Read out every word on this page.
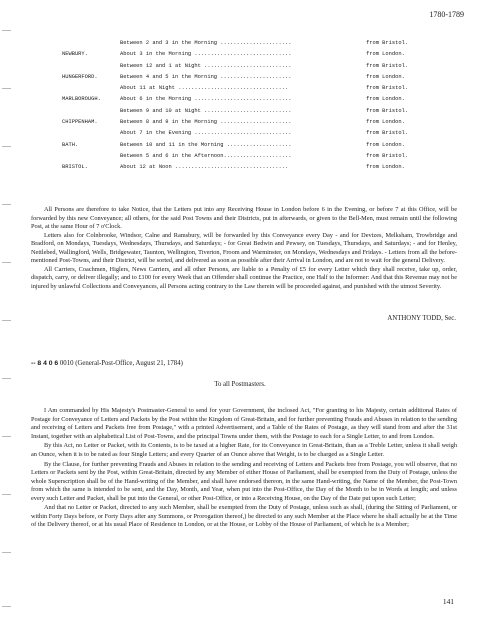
1780-1789
Between 2 and 3 in the Morning ......................	from Bristol.
NEWBURY.	About 3 in the Morning ..............................	from London.
Between 12 and 1 at Night ...........................	from Bristol.
HUNGERFORD.	Between 4 and 5 in the Morning ......................	from London.
About 11 at Night ..................................	from Bristol.
MARLBOROUGH.	About 6 in the Morning ..............................	from London.
Between 9 and 10 at Night ...........................	from Bristol.
CHIPPENHAM.	Between 8 and 9 in the Morning ......................	from London.
About 7 in the Evening ..............................	from Bristol.
BATH.	Between 10 and 11 in the Morning ....................	from London.
Between 5 and 6 in the Afternoon.....................	from Bristol.
BRISTOL.	About 12 at Noon ...................................	from London.

All Persons are therefore to take Notice, that the Letters put into any Receiving House in London before 6 in the Evening, or before 7 at this Office, will be forwarded by this new Conveyance; all others, for the said Post Towns and their Districts, put in afterwards, or given to the Bell-Men, must remain until the following Post, at the same Hour of 7 o'Clock.

Letters also for Colnbrooke, Windsor, Calne and Ramsbury, will be forwarded by this Conveyance every Day - and for Devizes, Melksham, Trowbridge and Bradford, on Mondays, Tuesdays, Wednesdays, Thursdays, and Saturdays; - for Great Bedwin and Pewsey, on Tuesdays, Thursdays, and Saturdays; - and for Henley, Nettlebed, Wallingford, Wells, Bridgewater, Taunton, Wellington, Tiverton, Froom and Warminster, on Mondays, Wednesdays and Fridays. - Letters from all the before-mentioned Post-Towns, and their District, will be sorted, and delivered as soon as possible after their Arrival in London, and are not to wait for the general Delivery.

All Carriers, Coachmen, Higlers, News Carriers, and all other Persons, are liable to a Penalty of £5 for every Letter which they shall receive, take up, order, dispatch, carry, or deliver illegally; and to £100 for every Week that an Offender shall continue the Practice, one Half to the Informer: And that this Revenue may not be injured by unlawful Collections and Conveyances, all Persons acting contrary to the Law therein will be proceeded against, and punished with the utmost Severity.

ANTHONY TODD, Sec.
-- 8 4 0 6 0010 (General-Post-Office, August 21, 1784)
To all Postmasters.

I Am commanded by His Majesty's Postmaster-General to send for your Government, the inclosed Act, "For granting to his Majesty, certain additional Rates of Postage for Conveyance of Letters and Packets by the Post within the Kingdom of Great-Britain, and for further preventing Frauds and Abuses in relation to the sending and receiving of Letters and Packets free from Postage," with a printed Advertisement, and a Table of the Rates of Postage, as they will stand from and after the 31st Instant, together with an alphabetical List of Post-Towns, and the principal Towns under them, with the Postage to each for a Single Letter, to and from London.

By this Act, no Letter or Packet, with its Contents, is to be taxed at a higher Rate, for its Conveyance in Great-Britain, than as a Treble Letter, unless it shall weigh an Ounce, when it is to be rated as four Single Letters; and every Quarter of an Ounce above that Weight, is to be charged as a Single Letter.

By the Clause, for further preventing Frauds and Abuses in relation to the sending and receiving of Letters and Packets free from Postage, you will observe, that no Letters or Packets sent by the Post, within Great-Britain, directed by any Member of either House of Parliament, shall be exempted from the Duty of Postage, unless the whole Superscription shall be of the Hand-writing of the Member, and shall have endorsed thereon, in the same Hand-writing, the Name of the Member, the Post-Town from which the same is intended to be sent, and the Day, Month, and Year, when put into the Post-Office, the Day of the Month to be in Words at length; and unless every such Letter and Packet, shall be put into the General, or other Post-Office, or into a Receiving House, on the Day of the Date put upon such Letter;

And that no Letter or Packet, directed to any such Member, shall be exempted from the Duty of Postage, unless such as shall, (during the Sitting of Parliament, or within Forty Days before, or Forty Days after any Summons, or Prorogation thereof,) be directed to any such Member at the Place where he shall actually be at the Time of the Delivery thereof, or at his usual Place of Residence in London, or at the House, or Lobby of the House of Parliament, of which he is a Member;

141
